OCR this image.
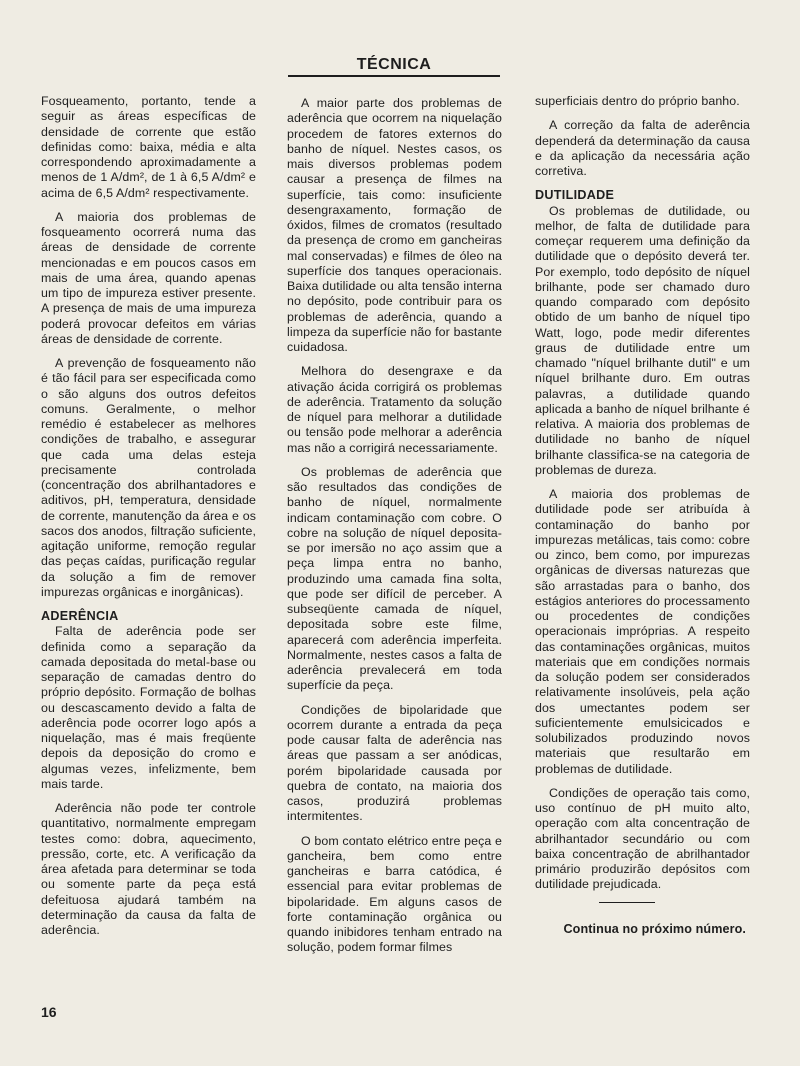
TÉCNICA

Fosqueamento, portanto, tende a seguir as áreas específicas de densidade de corrente que estão definidas como: baixa, média e alta correspondendo aproximadamente a menos de 1 A/dm², de 1 à 6,5 A/dm² e acima de 6,5 A/dm² respectivamente.

A maioria dos problemas de fosqueamento ocorrerá numa das áreas de densidade de corrente mencionadas e em poucos casos em mais de uma área, quando apenas um tipo de impureza estiver presente. A presença de mais de uma impureza poderá provocar defeitos em várias áreas de densidade de corrente.

A prevenção de fosqueamento não é tão fácil para ser especificada como o são alguns dos outros defeitos comuns. Geralmente, o melhor remédio é estabelecer as melhores condições de trabalho, e assegurar que cada uma delas esteja precisamente controlada (concentração dos abrilhantadores e aditivos, pH, temperatura, densidade de corrente, manutenção da área e os sacos dos anodos, filtração suficiente, agitação uniforme, remoção regular das peças caídas, purificação regular da solução a fim de remover impurezas orgânicas e inorgânicas).

ADERÊNCIA

Falta de aderência pode ser definida como a separação da camada depositada do metal-base ou separação de camadas dentro do próprio depósito. Formação de bolhas ou descascamento devido a falta de aderência pode ocorrer logo após a niquelação, mas é mais freqüente depois da deposição do cromo e algumas vezes, infelizmente, bem mais tarde.

Aderência não pode ter controle quantitativo, normalmente empregam testes como: dobra, aquecimento, pressão, corte, etc. A verificação da área afetada para determinar se toda ou somente parte da peça está defeituosa ajudará também na determinação da causa da falta de aderência.

A maior parte dos problemas de aderência que ocorrem na niquelação procedem de fatores externos do banho de níquel. Nestes casos, os mais diversos problemas podem causar a presença de filmes na superfície, tais como: insuficiente desengraxamento, formação de óxidos, filmes de cromatos (resultado da presença de cromo em gancheiras mal conservadas) e filmes de óleo na superfície dos tanques operacionais. Baixa dutilidade ou alta tensão interna no depósito, pode contribuir para os problemas de aderência, quando a limpeza da superfície não for bastante cuidadosa.

Melhora do desengraxe e da ativação ácida corrigirá os problemas de aderência. Tratamento da solução de níquel para melhorar a dutilidade ou tensão pode melhorar a aderência mas não a corrigirá necessariamente.

Os problemas de aderência que são resultados das condições de banho de níquel, normalmente indicam contaminação com cobre. O cobre na solução de níquel deposita-se por imersão no aço assim que a peça limpa entra no banho, produzindo uma camada fina solta, que pode ser difícil de perceber. A subseqüente camada de níquel, depositada sobre este filme, aparecerá com aderência imperfeita. Normalmente, nestes casos a falta de aderência prevalecerá em toda superfície da peça.

Condições de bipolaridade que ocorrem durante a entrada da peça pode causar falta de aderência nas áreas que passam a ser anódicas, porém bipolaridade causada por quebra de contato, na maioria dos casos, produzirá problemas intermitentes.

O bom contato elétrico entre peça e gancheira, bem como entre gancheiras e barra catódica, é essencial para evitar problemas de bipolaridade. Em alguns casos de forte contaminação orgânica ou quando inibidores tenham entrado na solução, podem formar filmes

superficiais dentro do próprio banho.

A correção da falta de aderência dependerá da determinação da causa e da aplicação da necessária ação corretiva.

DUTILIDADE

Os problemas de dutilidade, ou melhor, de falta de dutilidade para começar requerem uma definição da dutilidade que o depósito deverá ter. Por exemplo, todo depósito de níquel brilhante, pode ser chamado duro quando comparado com depósito obtido de um banho de níquel tipo Watt, logo, pode medir diferentes graus de dutilidade entre um chamado "níquel brilhante dutil" e um níquel brilhante duro. Em outras palavras, a dutilidade quando aplicada a banho de níquel brilhante é relativa. A maioria dos problemas de dutilidade no banho de níquel brilhante classifica-se na categoria de problemas de dureza.

A maioria dos problemas de dutilidade pode ser atribuída à contaminação do banho por impurezas metálicas, tais como: cobre ou zinco, bem como, por impurezas orgânicas de diversas naturezas que são arrastadas para o banho, dos estágios anteriores do processamento ou procedentes de condições operacionais impróprias. A respeito das contaminações orgânicas, muitos materiais que em condições normais da solução podem ser considerados relativamente insolúveis, pela ação dos umectantes podem ser suficientemente emulsicicados e solubilizados produzindo novos materiais que resultarão em problemas de dutilidade.

Condições de operação tais como, uso contínuo de pH muito alto, operação com alta concentração de abrilhantador secundário ou com baixa concentração de abrilhantador primário produzirão depósitos com dutilidade prejudicada.

Continua no próximo número.
16
